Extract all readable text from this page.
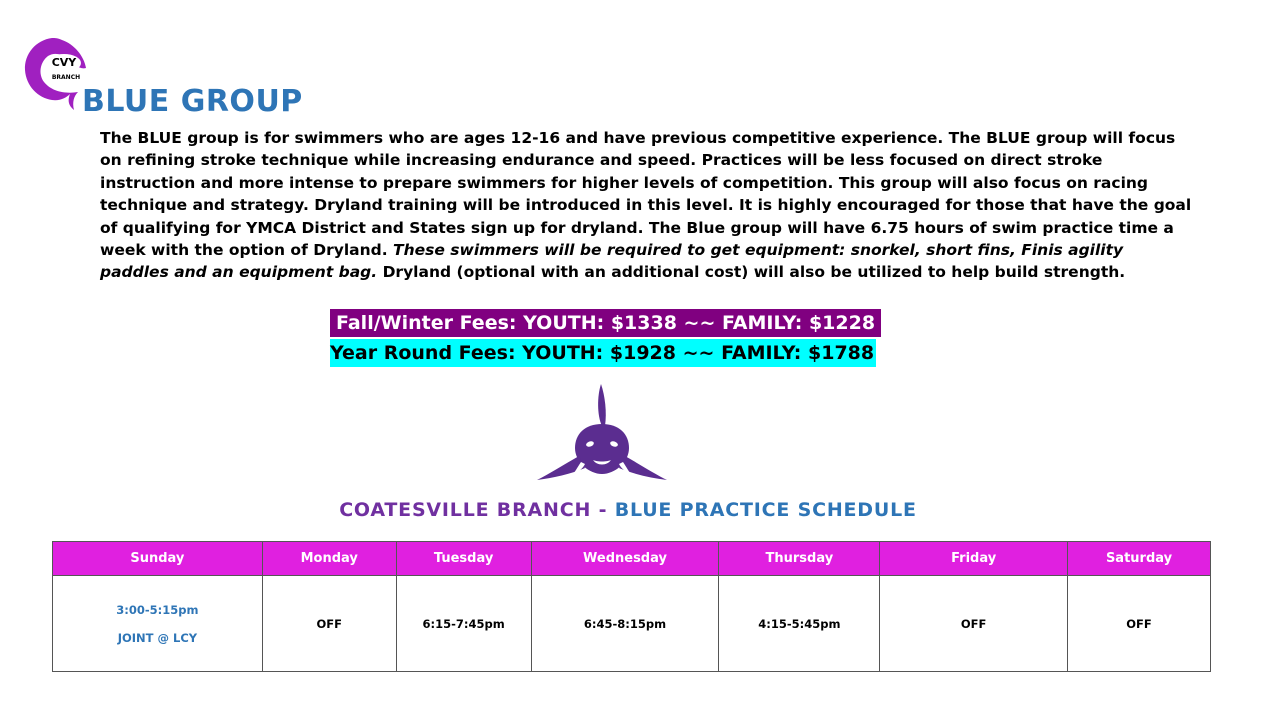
CVY
BRANCH
BLUE GROUP

The BLUE group is for swimmers who are ages 12-16 and have previous competitive experience. The BLUE group will focus on refining stroke technique while increasing endurance and speed. Practices will be less focused on direct stroke instruction and more intense to prepare swimmers for higher levels of competition. This group will also focus on racing technique and strategy. Dryland training will be introduced in this level. It is highly encouraged for those that have the goal of qualifying for YMCA District and States sign up for dryland. The Blue group will have 6.75 hours of swim practice time a week with the option of Dryland. These swimmers will be required to get equipment: snorkel, short fins, Finis agility paddles and an equipment bag. Dryland (optional with an additional cost) will also be utilized to help build strength.

Fall/Winter Fees: YOUTH: $1338 ~~ FAMILY: $1228
Year Round Fees: YOUTH: $1928 ~~ FAMILY: $1788
COATESVILLE BRANCH - BLUE PRACTICE SCHEDULE
Sunday	Monday	Tuesday	Wednesday	Thursday	Friday	Saturday

3:00-5:15pm
JOINT @ LCY	OFF	6:15-7:45pm	6:45-8:15pm	4:15-5:45pm	OFF	OFF
